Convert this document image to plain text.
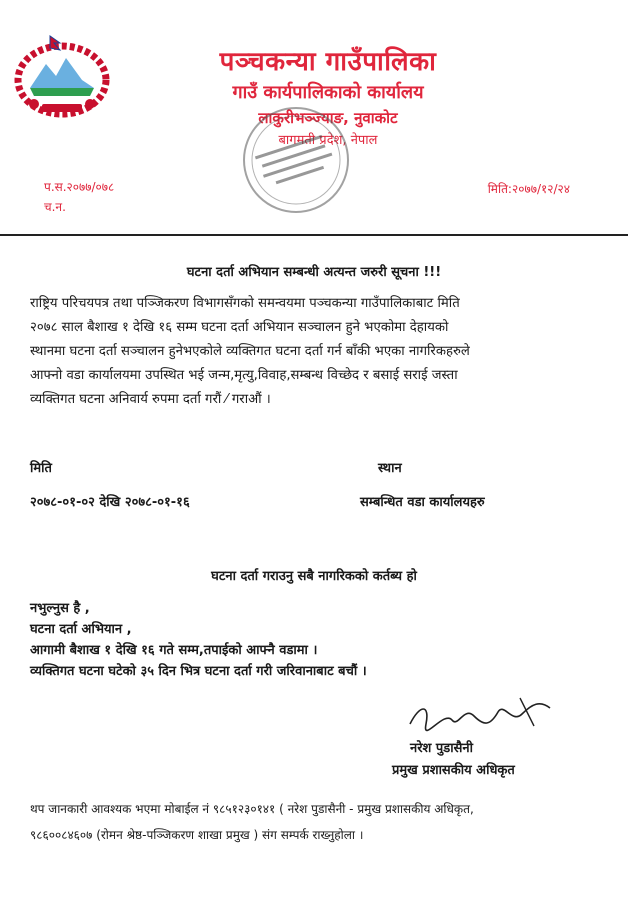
पञ्चकन्या गाउँपालिका
गाउँ कार्यपालिकाको कार्यालय
लाकुरीभञ्ज्याङ, नुवाकोट
बागमती प्रदेश, नेपाल
प.स.२०७७/०७८
च.न.
मिति:२०७७/१२/२४
घटना दर्ता अभियान सम्बन्धी अत्यन्त जरुरी सूचना !!!
राष्ट्रिय परिचयपत्र तथा पञ्जिकरण विभागसँगको समन्वयमा पञ्चकन्या गाउँपालिकाबाट मिति
२०७८ साल बैशाख १ देखि १६ सम्म घटना दर्ता अभियान सञ्चालन हुने भएकोमा देहायको
स्थानमा घटना दर्ता सञ्चालन हुनेभएकोले व्यक्तिगत घटना दर्ता गर्न बाँकी भएका नागरिकहरुले
आफ्नो वडा कार्यालयमा उपस्थित भई जन्म,मृत्यु,विवाह,सम्बन्ध विच्छेद र बसाई सराई जस्ता
व्यक्तिगत घटना अनिवार्य रुपमा दर्ता गरौं ⁄ गराऔं ।
मिति	स्थान
२०७८-०१-०२ देखि २०७८-०१-१६	सम्बन्धित वडा कार्यालयहरु
घटना दर्ता गराउनु सबै नागरिकको कर्तब्य हो
नभुल्नुस है ,
घटना दर्ता अभियान ,
आगामी बैशाख १ देखि १६ गते सम्म,तपाईको आफ्नै वडामा ।
व्यक्तिगत घटना घटेको ३५ दिन भित्र घटना दर्ता गरी जरिवानाबाट बचौं ।
नरेश पुडासैनी
प्रमुख प्रशासकीय अधिकृत
थप जानकारी आवश्यक भएमा मोबाईल नं ९८५१२३०१४१ ( नरेश पुडासैनी - प्रमुख प्रशासकीय अधिकृत,
९८६००८४६०७ (रोमन श्रेष्ठ-पञ्जिकरण शाखा प्रमुख ) संग सम्पर्क राख्नुहोला ।
